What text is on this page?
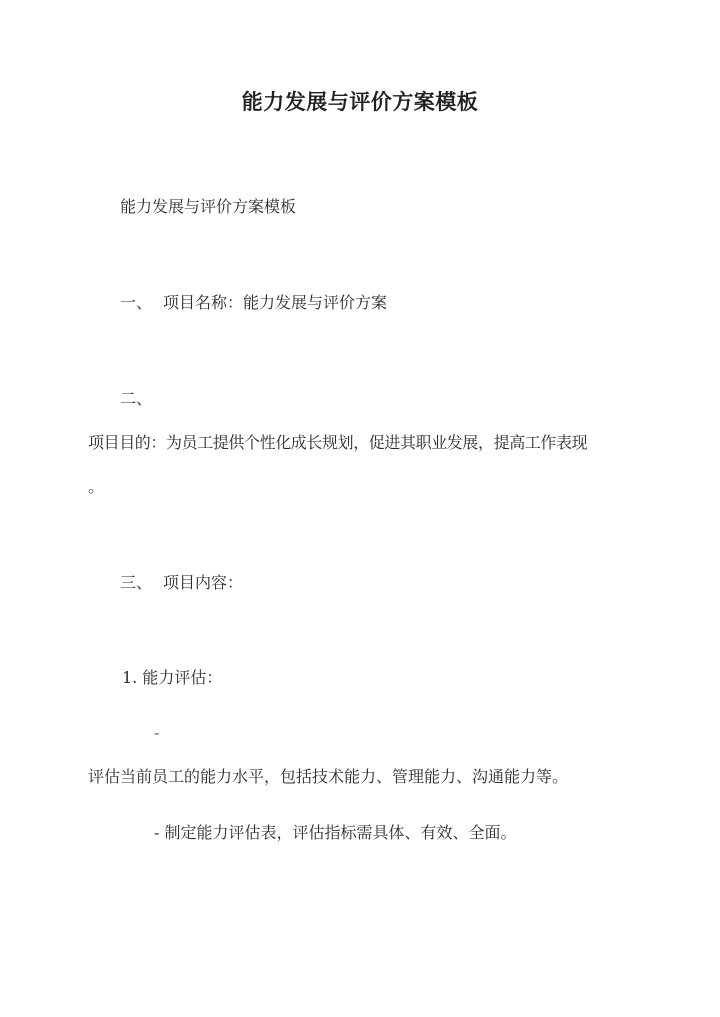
能力发展与评价方案模板
能力发展与评价方案模板
一、 项目名称：能力发展与评价方案
二、
项目目的：为员工提供个性化成长规划，促进其职业发展，提高工作表现
。
三、 项目内容：
1. 能力评估：
-
评估当前员工的能力水平，包括技术能力、管理能力、沟通能力等。
- 制定能力评估表，评估指标需具体、有效、全面。
